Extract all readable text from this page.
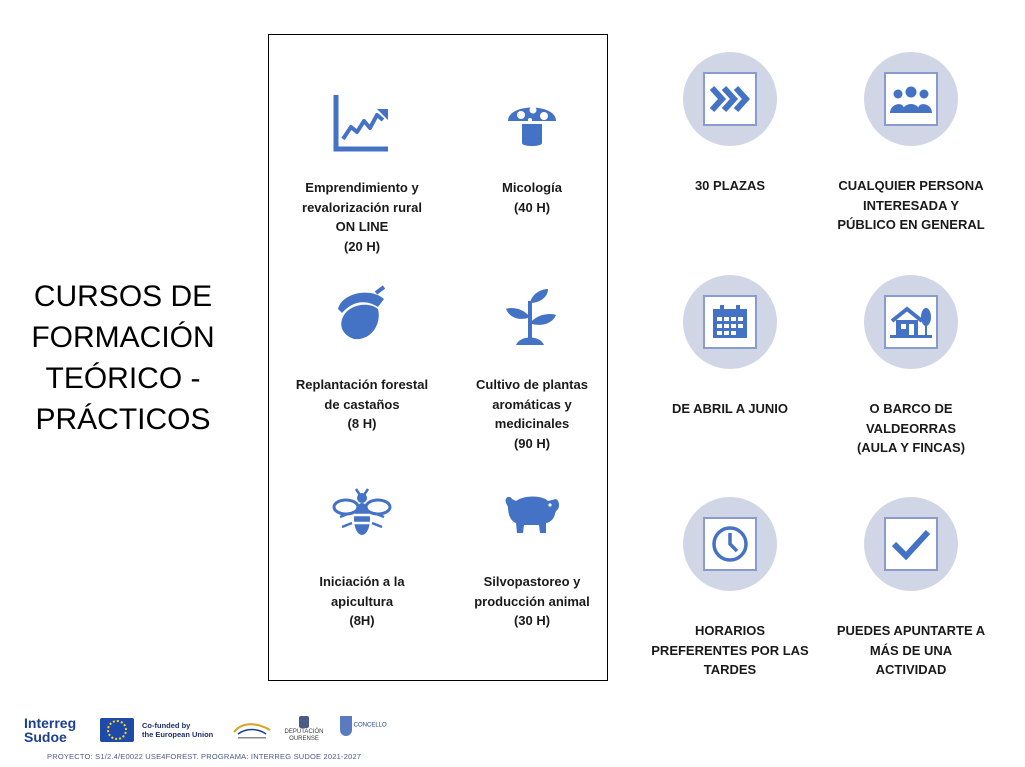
CURSOS DE
FORMACIÓN
TEÓRICO -
PRÁCTICOS
Emprendimiento y
revalorización rural
ON LINE
(20 H)
Micología
(40 H)
Replantación forestal
de castaños
(8 H)
Cultivo de plantas
aromáticas y
medicinales
(90 H)
Iniciación a la
apicultura
(8H)
Silvopastoreo y
producción animal
(30 H)
30 PLAZAS	CUALQUIER PERSONA
INTERESADA Y
PÚBLICO EN GENERAL
DE ABRIL A JUNIO	O BARCO DE
VALDEORRAS
(AULA Y FINCAS)
HORARIOS
PREFERENTES POR LAS
TARDES
PUEDES APUNTARTE A
MÁS DE UNA
ACTIVIDAD
Interreg
Sudoe
Co-funded by
the European Union	DEPUTACIÓN
OURENSE
CONCELLO
PROYECTO: S1/2.4/E0022 USE4FOREST. PROGRAMA: INTERREG SUDOE 2021-2027
